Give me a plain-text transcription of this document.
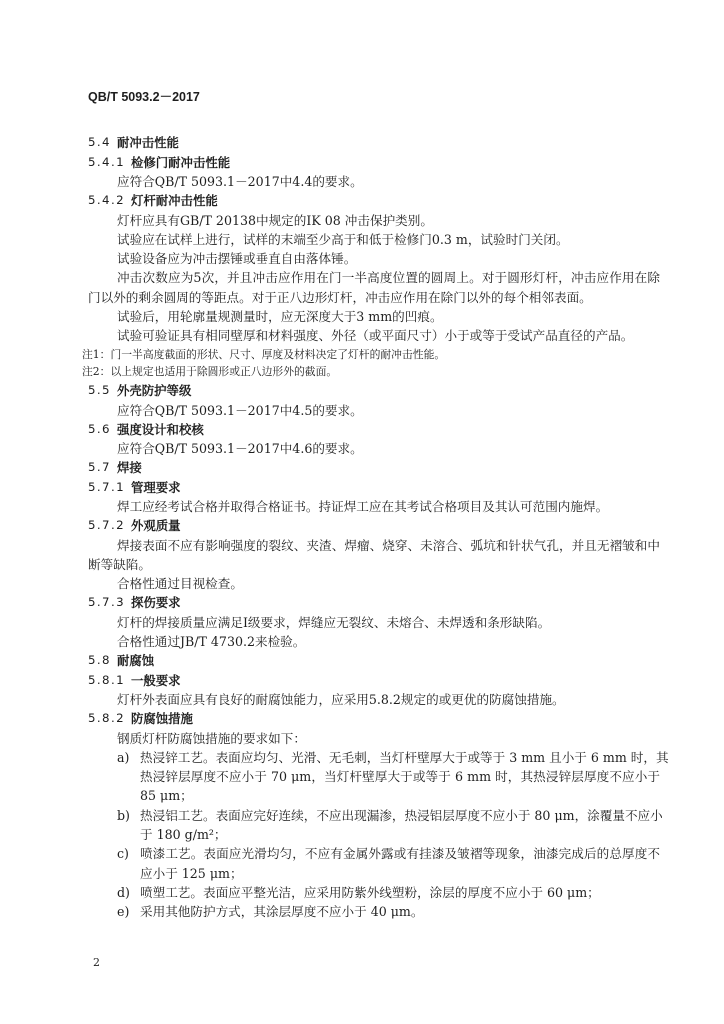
QB/T 5093.2－2017
5.4 耐冲击性能
5.4.1 检修门耐冲击性能
应符合QB/T 5093.1－2017中4.4的要求。
5.4.2 灯杆耐冲击性能
灯杆应具有GB/T 20138中规定的IK 08 冲击保护类别。
试验应在试样上进行，试样的末端至少高于和低于检修门0.3 m，试验时门关闭。
试验设备应为冲击摆锤或垂直自由落体锤。
冲击次数应为5次，并且冲击应作用在门一半高度位置的圆周上。对于圆形灯杆，冲击应作用在除
门以外的剩余圆周的等距点。对于正八边形灯杆，冲击应作用在除门以外的每个相邻表面。
试验后，用轮廓量规测量时，应无深度大于3 mm的凹痕。
试验可验证具有相同壁厚和材料强度、外径（或平面尺寸）小于或等于受试产品直径的产品。
注1：门一半高度截面的形状、尺寸、厚度及材料决定了灯杆的耐冲击性能。
注2：以上规定也适用于除圆形或正八边形外的截面。
5.5 外壳防护等级
应符合QB/T 5093.1－2017中4.5的要求。
5.6 强度设计和校核
应符合QB/T 5093.1－2017中4.6的要求。
5.7 焊接
5.7.1 管理要求
焊工应经考试合格并取得合格证书。持证焊工应在其考试合格项目及其认可范围内施焊。
5.7.2 外观质量
焊接表面不应有影响强度的裂纹、夹渣、焊瘤、烧穿、未溶合、弧坑和针状气孔，并且无褶皱和中
断等缺陷。
合格性通过目视检查。
5.7.3 探伤要求
灯杆的焊接质量应满足I级要求，焊缝应无裂纹、未熔合、未焊透和条形缺陷。
合格性通过JB/T 4730.2来检验。
5.8 耐腐蚀
5.8.1 一般要求
灯杆外表面应具有良好的耐腐蚀能力，应采用5.8.2规定的或更优的防腐蚀措施。
5.8.2 防腐蚀措施
钢质灯杆防腐蚀措施的要求如下：
a) 热浸锌工艺。表面应均匀、光滑、无毛刺，当灯杆壁厚大于或等于 3 mm 且小于 6 mm 时，其
热浸锌层厚度不应小于 70 μm，当灯杆壁厚大于或等于 6 mm 时，其热浸锌层厚度不应小于
85 μm；
b) 热浸铝工艺。表面应完好连续，不应出现漏渗，热浸铝层厚度不应小于 80 μm，涂覆量不应小
于 180 g/m²；
c) 喷漆工艺。表面应光滑均匀，不应有金属外露或有挂漆及皱褶等现象，油漆完成后的总厚度不
应小于 125 μm；
d) 喷塑工艺。表面应平整光洁，应采用防紫外线塑粉，涂层的厚度不应小于 60 μm；
e) 采用其他防护方式，其涂层厚度不应小于 40 μm。
2
